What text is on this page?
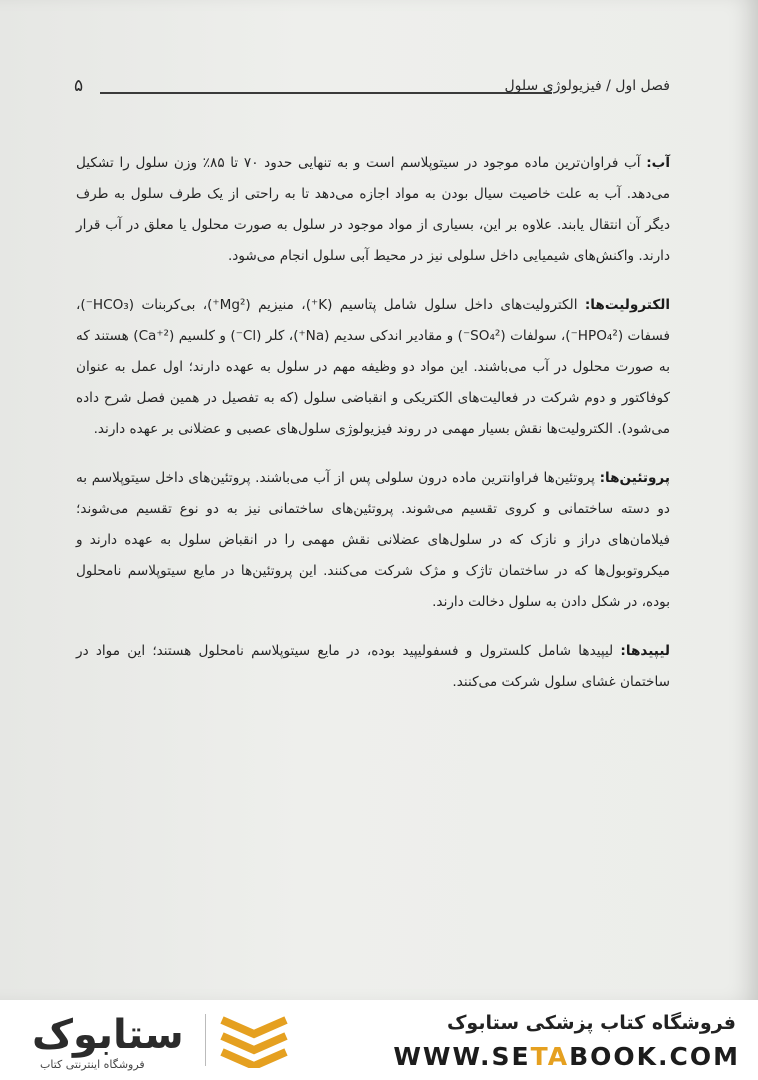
۵	فصل اول / فیزیولوژی سلول

آب: آب فراوان‌ترین ماده موجود در سیتوپلاسم است و به تنهایی حدود ۷۰ تا ۸۵٪ وزن سلول را تشکیل می‌دهد. آب به علت خاصیت سیال بودن به مواد اجازه می‌دهد تا به راحتی از یک طرف سلول به طرف دیگر آن انتقال یابند. علاوه بر این، بسیاری از مواد موجود در سلول به صورت محلول یا معلق در آب قرار دارند. واکنش‌های شیمیایی داخل سلولی نیز در محیط آبی سلول انجام می‌شود.

الکترولیت‌ها: الکترولیت‌های داخل سلول شامل پتاسیم (K⁺)، منیزیم (Mg²⁺)، بی‌کربنات (HCO₃⁻)، فسفات (HPO₄²⁻)، سولفات (SO₄²⁻) و مقادیر اندکی سدیم (Na⁺)، کلر (Cl⁻) و کلسیم (Ca⁺²) هستند که به صورت محلول در آب می‌باشند. این مواد دو وظیفه مهم در سلول به عهده دارند؛ اول عمل به عنوان کوفاکتور و دوم شرکت در فعالیت‌های الکتریکی و انقباضی سلول (که به تفصیل در همین فصل شرح داده می‌شود). الکترولیت‌ها نقش بسیار مهمی در روند فیزیولوژی سلول‌های عصبی و عضلانی بر عهده دارند.

پروتئین‌ها: پروتئین‌ها فراوانترین ماده درون سلولی پس از آب می‌باشند. پروتئین‌های داخل سیتوپلاسم به دو دسته ساختمانی و کروی تقسیم می‌شوند. پروتئین‌های ساختمانی نیز به دو نوع تقسیم می‌شوند؛ فیلامان‌های دراز و نازک که در سلول‌های عضلانی نقش مهمی را در انقباض سلول به عهده دارند و میکروتوبول‌ها که در ساختمان تاژک و مژک شرکت می‌کنند. این پروتئین‌ها در مایع سیتوپلاسم نامحلول بوده، در شکل دادن به سلول دخالت دارند.

لیپیدها: لیپیدها شامل کلسترول و فسفولیپید بوده، در مایع سیتوپلاسم نامحلول هستند؛ این مواد در ساختمان غشای سلول شرکت می‌کنند.

ستابوک
فروشگاه اینترنتی کتاب
فروشگاه کتاب پزشکی ستابوک
WWW.SETABOOK.COM
